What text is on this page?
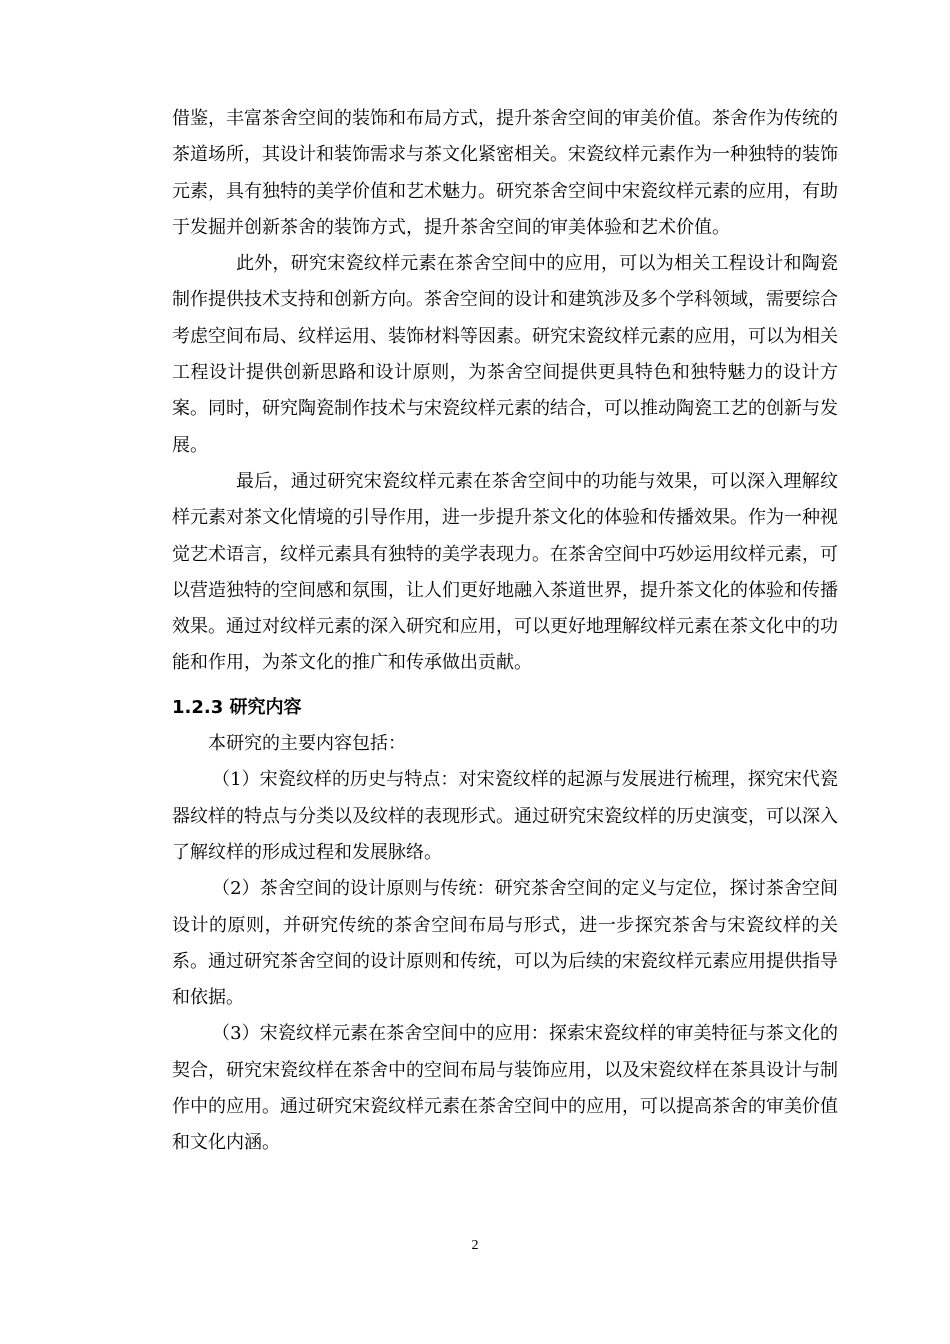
借鉴，丰富茶舍空间的装饰和布局方式，提升茶舍空间的审美价值。茶舍作为传统的茶道场所，其设计和装饰需求与茶文化紧密相关。宋瓷纹样元素作为一种独特的装饰元素，具有独特的美学价值和艺术魅力。研究茶舍空间中宋瓷纹样元素的应用，有助于发掘并创新茶舍的装饰方式，提升茶舍空间的审美体验和艺术价值。

此外，研究宋瓷纹样元素在茶舍空间中的应用，可以为相关工程设计和陶瓷制作提供技术支持和创新方向。茶舍空间的设计和建筑涉及多个学科领域，需要综合考虑空间布局、纹样运用、装饰材料等因素。研究宋瓷纹样元素的应用，可以为相关工程设计提供创新思路和设计原则，为茶舍空间提供更具特色和独特魅力的设计方案。同时，研究陶瓷制作技术与宋瓷纹样元素的结合，可以推动陶瓷工艺的创新与发展。

最后，通过研究宋瓷纹样元素在茶舍空间中的功能与效果，可以深入理解纹样元素对茶文化情境的引导作用，进一步提升茶文化的体验和传播效果。作为一种视觉艺术语言，纹样元素具有独特的美学表现力。在茶舍空间中巧妙运用纹样元素，可以营造独特的空间感和氛围，让人们更好地融入茶道世界，提升茶文化的体验和传播效果。通过对纹样元素的深入研究和应用，可以更好地理解纹样元素在茶文化中的功能和作用，为茶文化的推广和传承做出贡献。

1.2.3 研究内容

本研究的主要内容包括：

（1）宋瓷纹样的历史与特点：对宋瓷纹样的起源与发展进行梳理，探究宋代瓷器纹样的特点与分类以及纹样的表现形式。通过研究宋瓷纹样的历史演变，可以深入了解纹样的形成过程和发展脉络。

（2）茶舍空间的设计原则与传统：研究茶舍空间的定义与定位，探讨茶舍空间设计的原则，并研究传统的茶舍空间布局与形式，进一步探究茶舍与宋瓷纹样的关系。通过研究茶舍空间的设计原则和传统，可以为后续的宋瓷纹样元素应用提供指导和依据。

（3）宋瓷纹样元素在茶舍空间中的应用：探索宋瓷纹样的审美特征与茶文化的契合，研究宋瓷纹样在茶舍中的空间布局与装饰应用，以及宋瓷纹样在茶具设计与制作中的应用。通过研究宋瓷纹样元素在茶舍空间中的应用，可以提高茶舍的审美价值和文化内涵。

2
